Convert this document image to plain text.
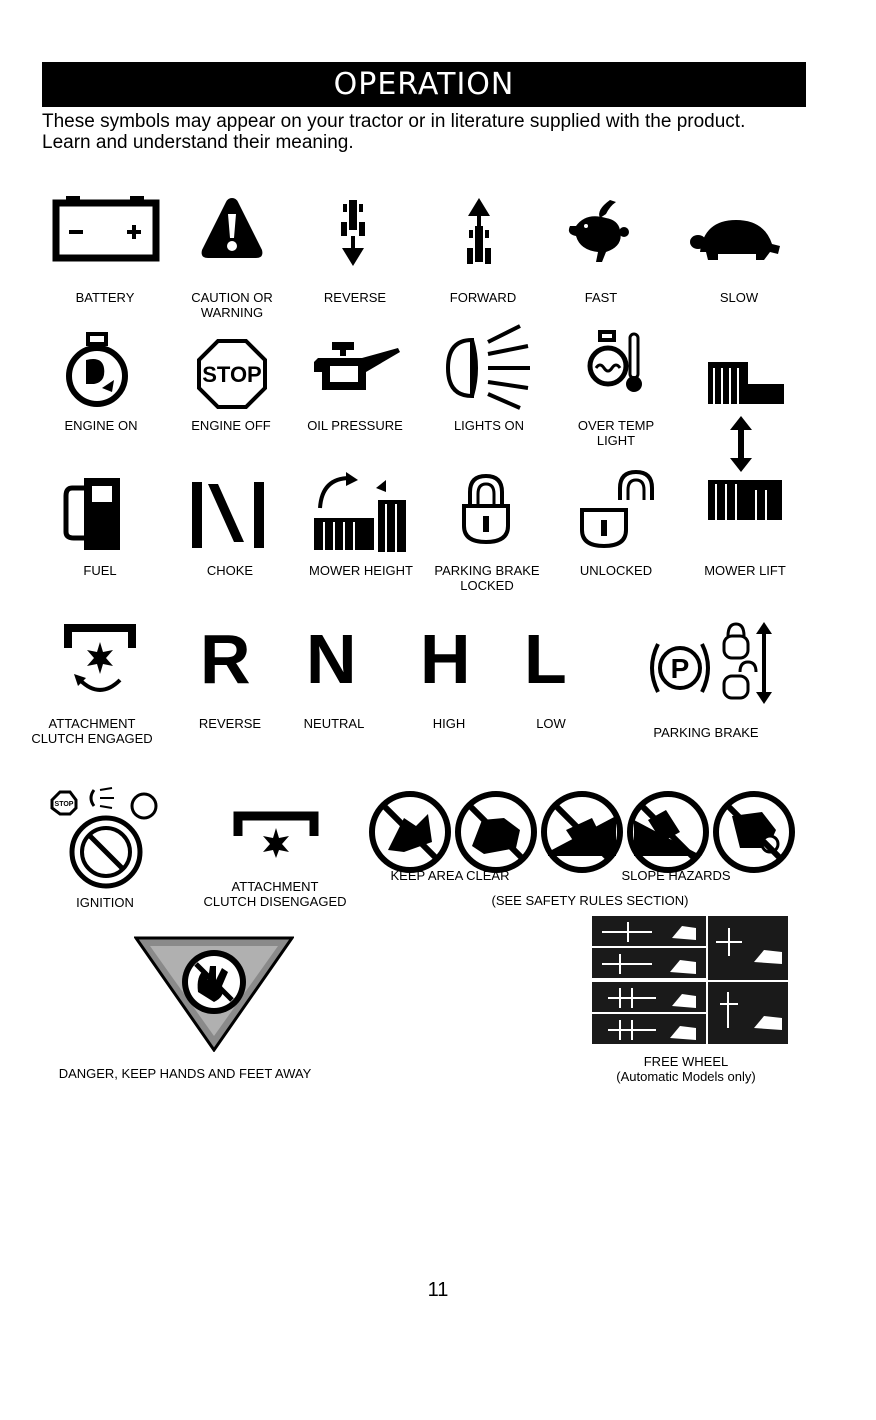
OPERATION
These symbols may appear on your tractor or in literature supplied with the product.
Learn and understand their meaning.
BATTERY	CAUTION OR
WARNING
REVERSE	FORWARD	FAST	SLOW
ENGINE ON
STOP
ENGINE OFF	OIL PRESSURE	LIGHTS ON	OVER TEMP
LIGHT
MOWER LIFT
FUEL	CHOKE	MOWER HEIGHT	PARKING BRAKE
LOCKED
UNLOCKED
ATTACHMENT
CLUTCH ENGAGED
R
REVERSE
N
NEUTRAL
H
HIGH
L
LOW
P
PARKING BRAKE
STOP
IGNITION
ATTACHMENT
CLUTCH DISENGAGED
KEEP AREA CLEAR	SLOPE HAZARDS
(SEE SAFETY RULES SECTION)
DANGER, KEEP HANDS AND FEET AWAY
FREE WHEEL
(Automatic Models only)
11
